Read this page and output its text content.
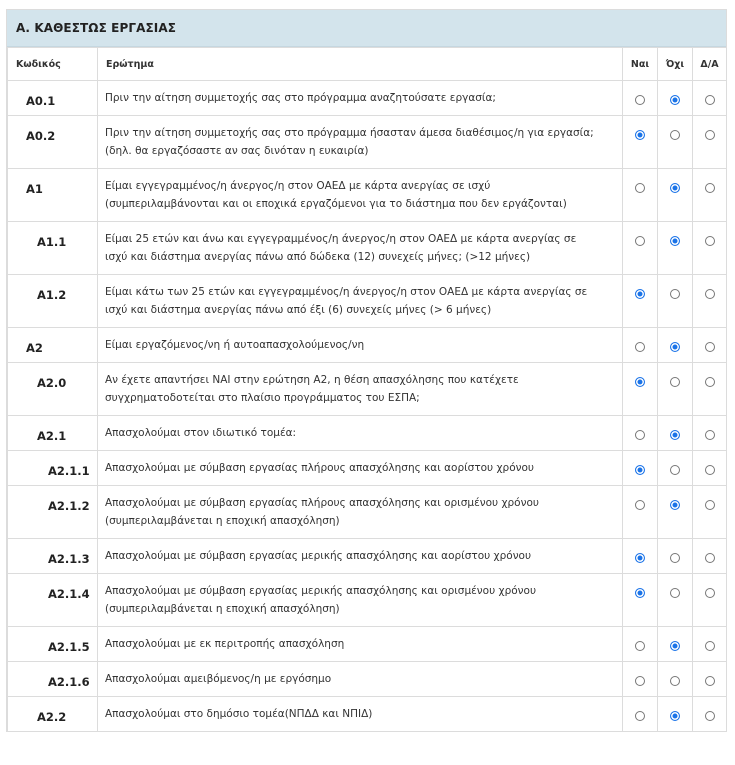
Α. ΚΑΘΕΣΤΩΣ ΕΡΓΑΣΙΑΣ
Κωδικός	Ερώτημα	Ναι	Όχι	Δ/Α
A0.1	Πριν την αίτηση συμμετοχής σας στο πρόγραμμα αναζητούσατε εργασία;			

A0.2	Πριν την αίτηση συμμετοχής σας στο πρόγραμμα ήσασταν άμεσα διαθέσιμος/η για εργασία;
(δηλ. θα εργαζόσαστε αν σας δινόταν η ευκαιρία)			

A1	Είμαι εγγεγραμμένος/η άνεργος/η στον ΟΑΕΔ με κάρτα ανεργίας σε ισχύ
(συμπεριλαμβάνονται και οι εποχικά εργαζόμενοι για το διάστημα που δεν εργάζονται)			

A1.1	Είμαι 25 ετών και άνω και εγγεγραμμένος/η άνεργος/η στον ΟΑΕΔ με κάρτα ανεργίας σε
ισχύ και διάστημα ανεργίας πάνω από δώδεκα (12) συνεχείς μήνες; (>12 μήνες)			

A1.2	Είμαι κάτω των 25 ετών και εγγεγραμμένος/η άνεργος/η στον ΟΑΕΔ με κάρτα ανεργίας σε
ισχύ και διάστημα ανεργίας πάνω από έξι (6) συνεχείς μήνες (> 6 μήνες)			

A2	Είμαι εργαζόμενος/νη ή αυτοαπασχολούμενος/νη			

A2.0	Αν έχετε απαντήσει ΝΑΙ στην ερώτηση Α2, η θέση απασχόλησης που κατέχετε
συγχρηματοδοτείται στο πλαίσιο προγράμματος του ΕΣΠΑ;			

A2.1	Απασχολούμαι στον ιδιωτικό τομέα:			

A2.1.1	Απασχολούμαι με σύμβαση εργασίας πλήρους απασχόλησης και αορίστου χρόνου			

A2.1.2	Απασχολούμαι με σύμβαση εργασίας πλήρους απασχόλησης και ορισμένου χρόνου
(συμπεριλαμβάνεται η εποχική απασχόληση)			

A2.1.3	Απασχολούμαι με σύμβαση εργασίας μερικής απασχόλησης και αορίστου χρόνου			

A2.1.4	Απασχολούμαι με σύμβαση εργασίας μερικής απασχόλησης και ορισμένου χρόνου
(συμπεριλαμβάνεται η εποχική απασχόληση)			

A2.1.5	Απασχολούμαι με εκ περιτροπής απασχόληση			

A2.1.6	Απασχολούμαι αμειβόμενος/η με εργόσημο			

A2.2	Απασχολούμαι στο δημόσιο τομέα(ΝΠΔΔ και ΝΠΙΔ)			
